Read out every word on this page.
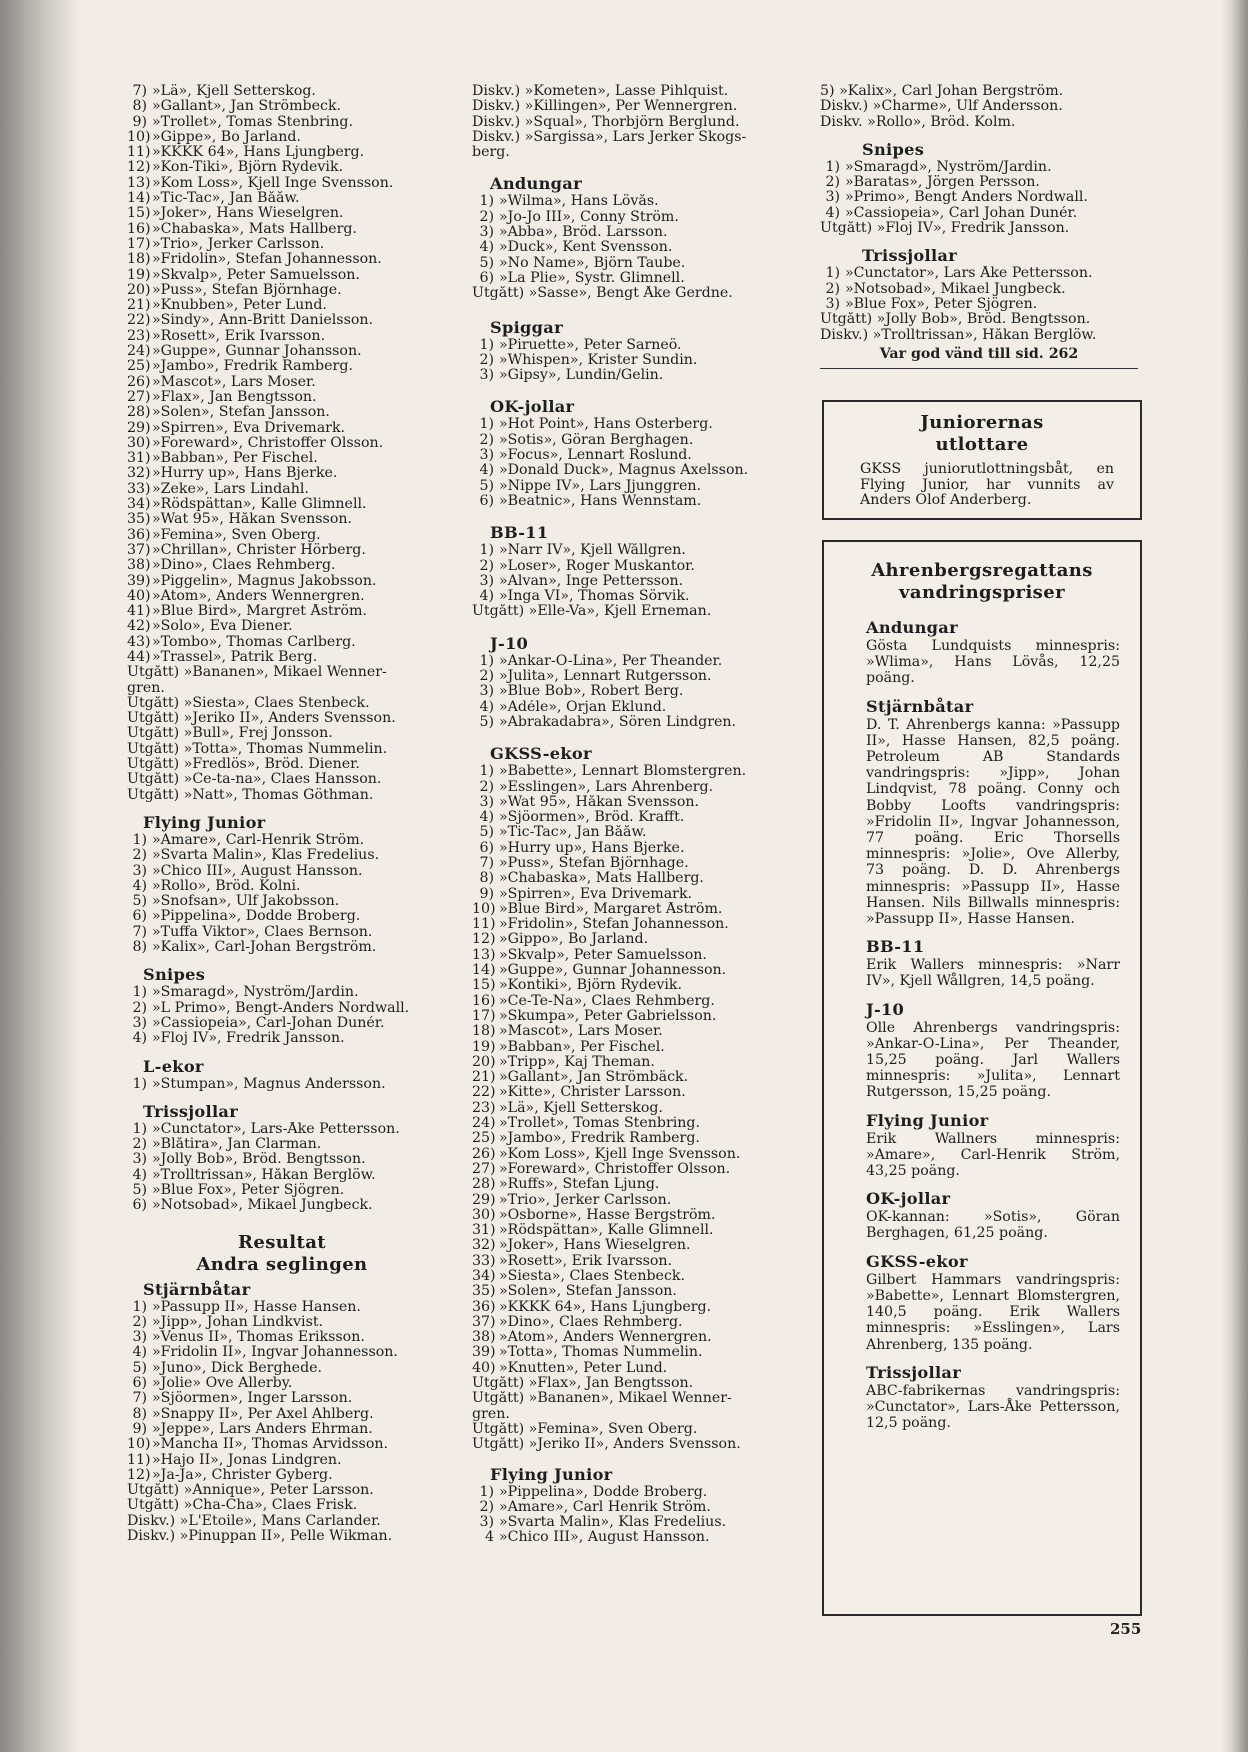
7) »Lä», Kjell Setterskog.
8) »Gallant», Jan Strömbeck.
9) »Trollet», Tomas Stenbring.
10)»Gippe», Bo Jarland.
11)»KKKK 64», Hans Ljungberg.
12)»Kon-Tiki», Björn Rydevik.
13)»Kom Loss», Kjell Inge Svensson.
14)»Tic-Tac», Jan Bååw.
15)»Joker», Hans Wieselgren.
16)»Chabaska», Mats Hallberg.
17)»Trio», Jerker Carlsson.
18)»Fridolin», Stefan Johannesson.
19)»Skvalp», Peter Samuelsson.
20)»Puss», Stefan Björnhage.
21)»Knubben», Peter Lund.
22)»Sindy», Ann-Britt Danielsson.
23)»Rosett», Erik Ivarsson.
24)»Guppe», Gunnar Johansson.
25)»Jambo», Fredrik Ramberg.
26)»Mascot», Lars Moser.
27)»Flax», Jan Bengtsson.
28)»Solen», Stefan Jansson.
29)»Spirren», Eva Drivemark.
30)»Foreward», Christoffer Olsson.
31)»Babban», Per Fischel.
32)»Hurry up», Hans Bjerke.
33)»Zeke», Lars Lindahl.
34)»Rödspättan», Kalle Glimnell.
35)»Wat 95», Håkan Svensson.
36)»Femina», Sven Öberg.
37)»Chrillan», Christer Hörberg.
38)»Dino», Claes Rehmberg.
39)»Piggelin», Magnus Jakobsson.
40)»Atom», Anders Wennergren.
41)»Blue Bird», Margret Åström.
42)»Solo», Eva Diener.
43)»Tombo», Thomas Carlberg.
44)»Trassel», Patrik Berg.
Utgått) »Bananen», Mikael Wenner-
gren.
Utgått) »Siesta», Claes Stenbeck.
Utgått) »Jeriko II», Anders Svensson.
Utgått) »Bull», Frej Jonsson.
Utgått) »Totta», Thomas Nummelin.
Utgått) »Fredlös», Bröd. Diener.
Utgått) »Ce-ta-na», Claes Hansson.
Utgått) »Natt», Thomas Göthman.
Flying Junior
1) »Amare», Carl-Henrik Ström.
2) »Svarta Malin», Klas Fredelius.
3) »Chico III», August Hansson.
4) »Rollo», Bröd. Kolni.
5) »Snofsan», Ulf Jakobsson.
6) »Pippelina», Dodde Broberg.
7) »Tuffa Viktor», Claes Bernson.
8) »Kalix», Carl-Johan Bergström.
Snipes
1) »Smaragd», Nyström/Jardin.
2) »L Primo», Bengt-Anders Nordwall.
3) »Cassiopeia», Carl-Johan Dunér.
4) »Floj IV», Fredrik Jansson.
L-ekor
1) »Stumpan», Magnus Andersson.
Trissjollar
1) »Cunctator», Lars-Åke Pettersson.
2) »Blåtira», Jan Clarman.
3) »Jolly Bob», Bröd. Bengtsson.
4) »Trolltrissan», Håkan Berglöw.
5) »Blue Fox», Peter Sjögren.
6) »Notsobad», Mikael Jungbeck.
Resultat
Andra seglingen
Stjärnbåtar
1) »Passupp II», Hasse Hansen.
2) »Jipp», Johan Lindkvist.
3) »Venus II», Thomas Eriksson.
4) »Fridolin II», Ingvar Johannesson.
5) »Juno», Dick Berghede.
6) »Jolie» Ove Allerby.
7) »Sjöormen», Inger Larsson.
8) »Snappy II», Per Axel Ahlberg.
9) »Jeppe», Lars Anders Ehrman.
10)»Mancha II», Thomas Arvidsson.
11)»Hajo II», Jonas Lindgren.
12)»Ja-Ja», Christer Gyberg.
Utgått) »Annique», Peter Larsson.
Utgått) »Cha-Cha», Claes Frisk.
Diskv.) »L'Etoile», Mans Carlander.
Diskv.) »Pinuppan II», Pelle Wikman.
Diskv.) »Kometen», Lasse Pihlquist.
Diskv.) »Killingen», Per Wennergren.
Diskv.) »Squal», Thorbjörn Berglund.
Diskv.) »Sargissa», Lars Jerker Skogs-
berg.
Andungar
1) »Wilma», Hans Lövås.
2) »Jo-Jo III», Conny Ström.
3) »Abba», Bröd. Larsson.
4) »Duck», Kent Svensson.
5) »No Name», Björn Taube.
6) »La Plie», Systr. Glimnell.
Utgått) »Sasse», Bengt Åke Gerdne.
Spiggar
1) »Piruette», Peter Sarneö.
2) »Whispen», Krister Sundin.
3) »Gipsy», Lundin/Gelin.
OK-jollar
1) »Hot Point», Hans Österberg.
2) »Sotis», Göran Berghagen.
3) »Focus», Lennart Roslund.
4) »Donald Duck», Magnus Axelsson.
5) »Nippe IV», Lars Jjunggren.
6) »Beatnic», Hans Wennstam.
BB-11
1) »Narr IV», Kjell Wållgren.
2) »Loser», Roger Muskantor.
3) »Älvan», Inge Pettersson.
4) »Inga VI», Thomas Sörvik.
Utgått) »Elle-Va», Kjell Erneman.
J-10
1) »Ankar-O-Lina», Per Theander.
2) »Julita», Lennart Rutgersson.
3) »Blue Bob», Robert Berg.
4) »Adéle», Örjan Eklund.
5) »Abrakadabra», Sören Lindgren.
GKSS-ekor
1) »Babette», Lennart Blomstergren.
2) »Esslingen», Lars Ahrenberg.
3) »Wat 95», Håkan Svensson.
4) »Sjöormen», Bröd. Krafft.
5) »Tic-Tac», Jan Bååw.
6) »Hurry up», Hans Bjerke.
7) »Puss», Stefan Björnhage.
8) »Chabaska», Mats Hallberg.
9) »Spirren», Eva Drivemark.
10) »Blue Bird», Margaret Åström.
11) »Fridolin», Stefan Johannesson.
12) »Gippo», Bo Jarland.
13) »Skvalp», Peter Samuelsson.
14) »Guppe», Gunnar Johannesson.
15) »Kontiki», Björn Rydevik.
16) »Ce-Te-Na», Claes Rehmberg.
17) »Skumpa», Peter Gabrielsson.
18) »Mascot», Lars Moser.
19) »Babban», Per Fischel.
20) »Tripp», Kaj Theman.
21) »Gallant», Jan Strömbäck.
22) »Kitte», Christer Larsson.
23) »Lä», Kjell Setterskog.
24) »Trollet», Tomas Stenbring.
25) »Jambo», Fredrik Ramberg.
26) »Kom Loss», Kjell Inge Svensson.
27) »Foreward», Christoffer Olsson.
28) »Ruffs», Stefan Ljung.
29) »Trio», Jerker Carlsson.
30) »Osborne», Hasse Bergström.
31) »Rödspättan», Kalle Glimnell.
32) »Joker», Hans Wieselgren.
33) »Rosett», Erik Ivarsson.
34) »Siesta», Claes Stenbeck.
35) »Solen», Stefan Jansson.
36) »KKKK 64», Hans Ljungberg.
37) »Dino», Claes Rehmberg.
38) »Atom», Anders Wennergren.
39) »Totta», Thomas Nummelin.
40) »Knutten», Peter Lund.
Utgått) »Flax», Jan Bengtsson.
Utgått) »Bananen», Mikael Wenner-
gren.
Utgått) »Femina», Sven Öberg.
Utgått) »Jeriko II», Anders Svensson.
Flying Junior
1) »Pippelina», Dodde Broberg.
2) »Amare», Carl Henrik Ström.
3) »Svarta Malin», Klas Fredelius.
4 »Chico III», August Hansson.
5) »Kalix», Carl Johan Bergström.
Diskv.) »Charme», Ulf Andersson.
Diskv. »Rollo», Bröd. Kolm.
Snipes
1) »Smaragd», Nyström/Jardin.
2) »Baratas», Jörgen Persson.
3) »Primo», Bengt Anders Nordwall.
4) »Cassiopeia», Carl Johan Dunér.
Utgått) »Floj IV», Fredrik Jansson.
Trissjollar
1) »Cunctator», Lars Åke Pettersson.
2) »Notsobad», Mikael Jungbeck.
3) »Blue Fox», Peter Sjögren.
Utgått) »Jolly Bob», Bröd. Bengtsson.
Diskv.) »Trolltrissan», Håkan Berglöw.
Var god vänd till sid. 262
Juniorernas
utlottare
GKSS juniorutlottningsbåt, en Flying Junior, har vunnits av Anders Olof Anderberg.
Ahrenbergsregattans
vandringspriser
Andungar
Gösta Lundquists minnespris: »Wlima», Hans Lövås, 12,25 poäng.
Stjärnbåtar
D. T. Ahrenbergs kanna: »Passupp II», Hasse Hansen, 82,5 poäng. Petroleum AB Standards vandringspris: »Jipp», Johan Lindqvist, 78 poäng. Conny och Bobby Loofts vandringspris: »Fridolin II», Ingvar Johannesson, 77 poäng. Eric Thorsells minnespris: »Jolie», Ove Allerby, 73 poäng. D. D. Ahrenbergs minnespris: »Passupp II», Hasse Hansen. Nils Billwalls minnespris: »Passupp II», Hasse Hansen.
BB-11
Erik Wallers minnespris: »Narr IV», Kjell Wållgren, 14,5 poäng.
J-10
Olle Ahrenbergs vandringspris: »Ankar-O-Lina», Per Theander, 15,25 poäng. Jarl Wallers minnespris: »Julita», Lennart Rutgersson, 15,25 poäng.
Flying Junior
Erik Wallners minnespris: »Amare», Carl-Henrik Ström, 43,25 poäng.
OK-jollar
OK-kannan: »Sotis», Göran Berghagen, 61,25 poäng.
GKSS-ekor
Gilbert Hammars vandringspris: »Babette», Lennart Blomstergren, 140,5 poäng. Erik Wallers minnespris: »Esslingen», Lars Ahrenberg, 135 poäng.
Trissjollar
ABC-fabrikernas vandringspris: »Cunctator», Lars-Åke Pettersson, 12,5 poäng.
255
